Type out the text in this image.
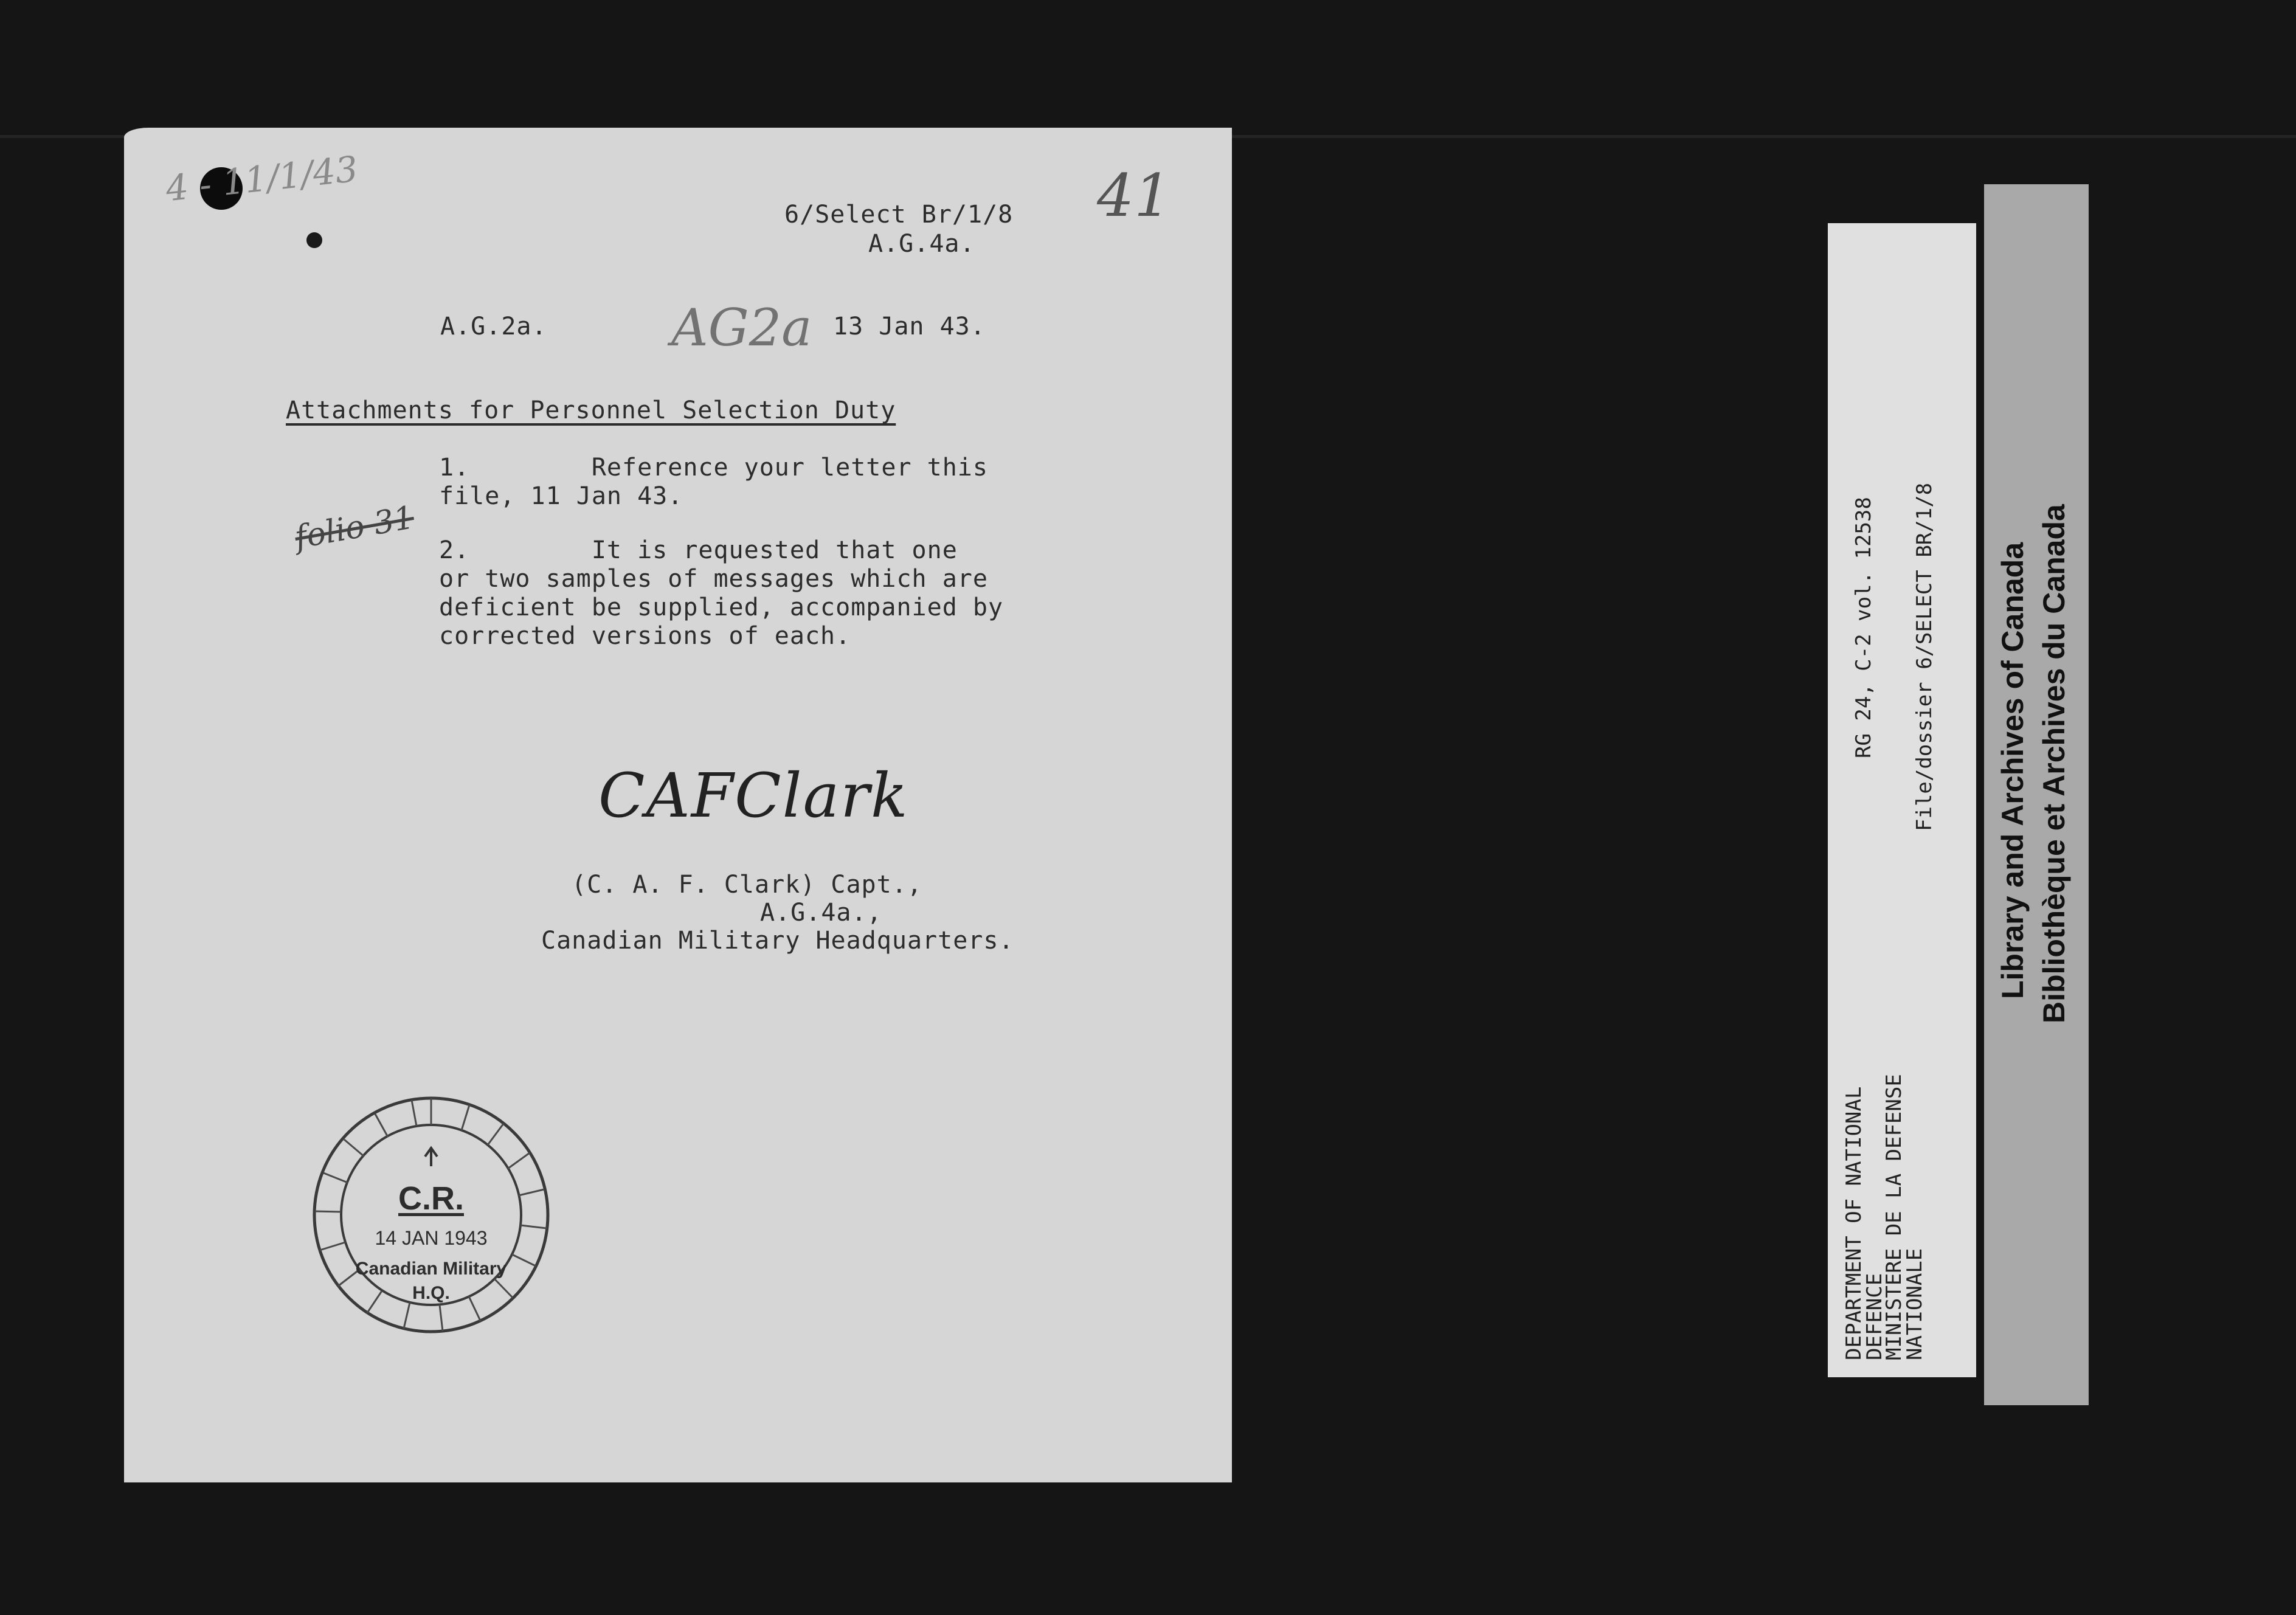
4 - 11/1/43	41
AG2a
folio 31
6/Select Br/1/8
A.G.4a.
A.G.2a.	13 Jan 43.
Attachments for Personnel Selection Duty
1.        Reference your letter this
file, 11 Jan 43.
2.        It is requested that one
or two samples of messages which are
deficient be supplied, accompanied by
corrected versions of each.
CAFClark
(C. A. F. Clark) Capt.,
A.G.4a.,
Canadian Military Headquarters.
C.R.
14 JAN 1943
Canadian Military
H.Q.	DEPARTMENT OF NATIONAL
DEFENCE
MINISTERE DE LA DEFENSE
NATIONALE
RG 24, C-2 vol. 12538 File/dossier 6/SELECT BR/1/8 Library and Archives of Canada Bibliothèque et Archives du Canada
